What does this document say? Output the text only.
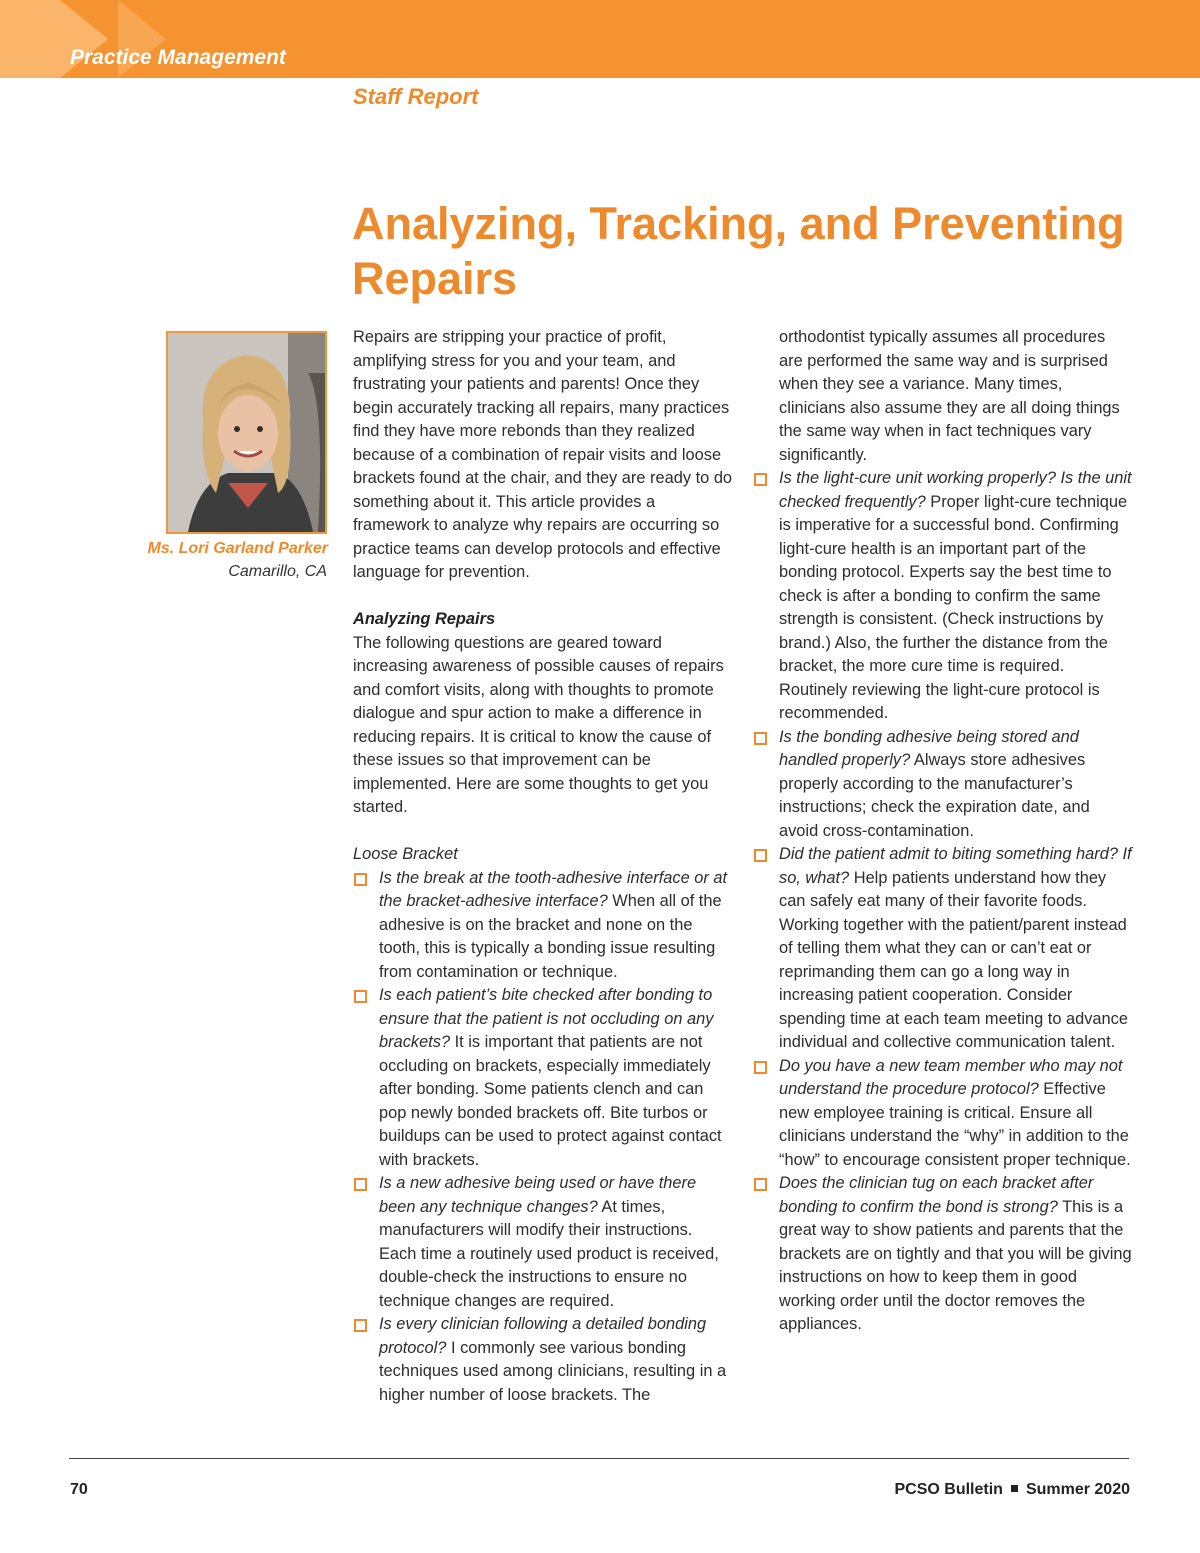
Practice Management
Staff Report
Analyzing, Tracking, and Preventing Repairs
Ms. Lori Garland Parker
Camarillo, CA

Repairs are stripping your practice of profit, amplifying stress for you and your team, and frustrating your patients and parents! Once they begin accurately tracking all repairs, many practices find they have more rebonds than they realized because of a combination of repair visits and loose brackets found at the chair, and they are ready to do something about it. This article provides a framework to analyze why repairs are occurring so practice teams can develop protocols and effective language for prevention.

Analyzing Repairs

The following questions are geared toward increasing awareness of possible causes of repairs and comfort visits, along with thoughts to promote dialogue and spur action to make a difference in reducing repairs. It is critical to know the cause of these issues so that improvement can be implemented. Here are some thoughts to get you started.

Loose Bracket

Is the break at the tooth-adhesive interface or at the bracket-adhesive interface? When all of the adhesive is on the bracket and none on the tooth, this is typically a bonding issue resulting from contamination or technique.
Is each patient’s bite checked after bonding to ensure that the patient is not occluding on any brackets? It is important that patients are not occluding on brackets, especially immediately after bonding. Some patients clench and can pop newly bonded brackets off. Bite turbos or buildups can be used to protect against contact with brackets.
Is a new adhesive being used or have there been any technique changes? At times, manufacturers will modify their instructions. Each time a routinely used product is received, double-check the instructions to ensure no technique changes are required.
Is every clinician following a detailed bonding protocol? I commonly see various bonding techniques used among clinicians, resulting in a higher number of loose brackets. The
orthodontist typically assumes all procedures are performed the same way and is surprised when they see a variance. Many times, clinicians also assume they are all doing things the same way when in fact techniques vary significantly.
Is the light-cure unit working properly? Is the unit checked frequently? Proper light-cure technique is imperative for a successful bond. Confirming light-cure health is an important part of the bonding protocol. Experts say the best time to check is after a bonding to confirm the same strength is consistent. (Check instructions by brand.) Also, the further the distance from the bracket, the more cure time is required. Routinely reviewing the light-cure protocol is recommended.
Is the bonding adhesive being stored and handled properly? Always store adhesives properly according to the manufacturer’s instructions; check the expiration date, and avoid cross-contamination.
Did the patient admit to biting something hard? If so, what? Help patients understand how they can safely eat many of their favorite foods. Working together with the patient/parent instead of telling them what they can or can’t eat or reprimanding them can go a long way in increasing patient cooperation. Consider spending time at each team meeting to advance individual and collective communication talent.
Do you have a new team member who may not understand the procedure protocol? Effective new employee training is critical. Ensure all clinicians understand the “why” in addition to the “how” to encourage consistent proper technique.
Does the clinician tug on each bracket after bonding to confirm the bond is strong? This is a great way to show patients and parents that the brackets are on tightly and that you will be giving instructions on how to keep them in good working order until the doctor removes the appliances.
70	PCSO Bulletin Summer 2020
